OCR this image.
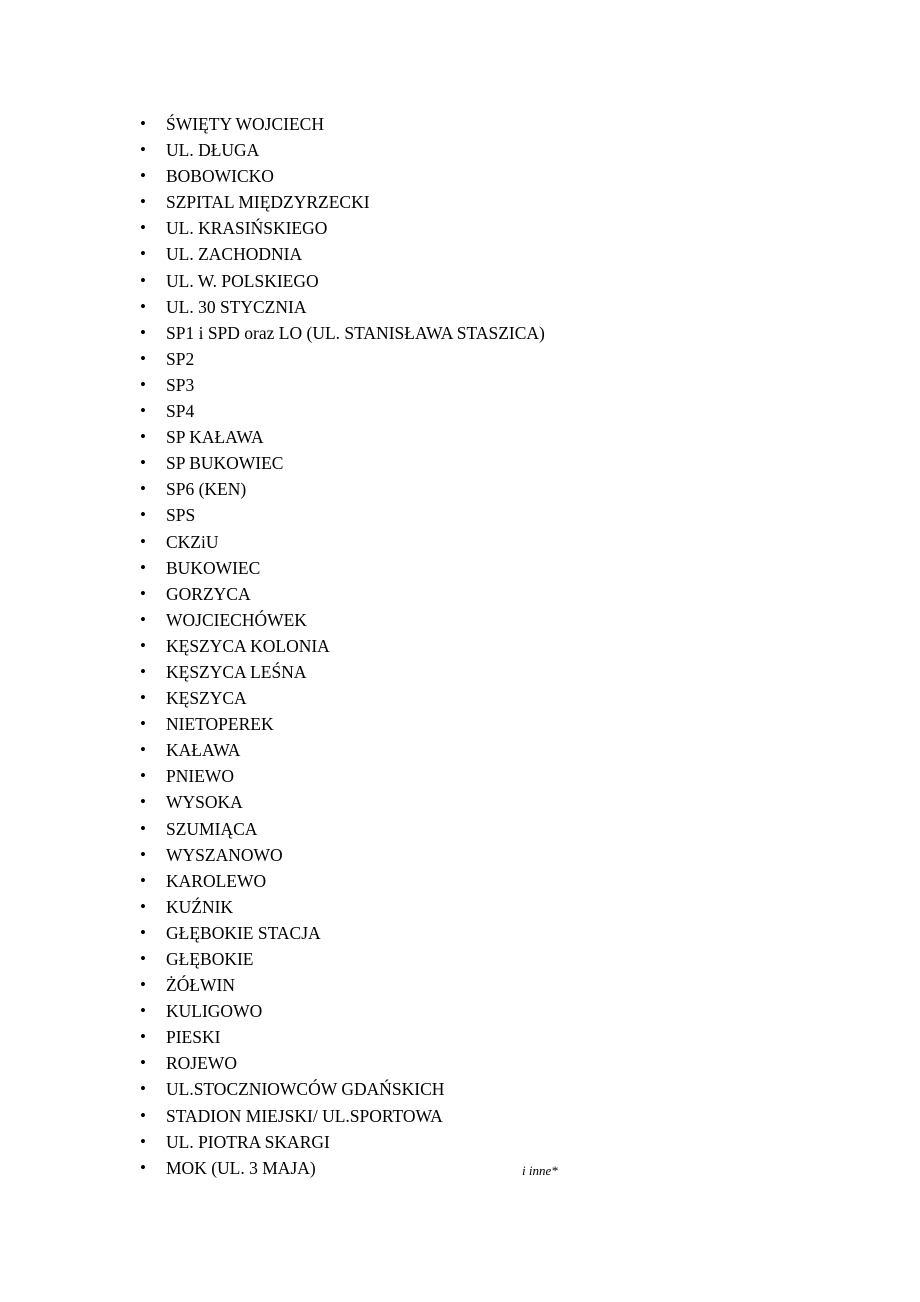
• ŚWIĘTY WOJCIECH
• UL. DŁUGA
• BOBOWICKO
• SZPITAL MIĘDZYRZECKI
• UL. KRASIŃSKIEGO
• UL. ZACHODNIA
• UL. W. POLSKIEGO
• UL. 30 STYCZNIA
• SP1 i SPD oraz LO (UL. STANISŁAWA STASZICA)
• SP2
• SP3
• SP4
• SP KAŁAWA
• SP BUKOWIEC
• SP6 (KEN)
• SPS
• CKZiU
• BUKOWIEC
• GORZYCA
• WOJCIECHÓWEK
• KĘSZYCA KOLONIA
• KĘSZYCA LEŚNA
• KĘSZYCA
• NIETOPEREK
• KAŁAWA
• PNIEWO
• WYSOKA
• SZUMIĄCA
• WYSZANOWO
• KAROLEWO
• KUŹNIK
• GŁĘBOKIE STACJA
• GŁĘBOKIE
• ŻÓŁWIN
• KULIGOWO
• PIESKI
• ROJEWO
• UL.STOCZNIOWCÓW GDAŃSKICH
• STADION MIEJSKI/ UL.SPORTOWA
• UL. PIOTRA SKARGI
• MOK (UL. 3 MAJA)	i inne*
